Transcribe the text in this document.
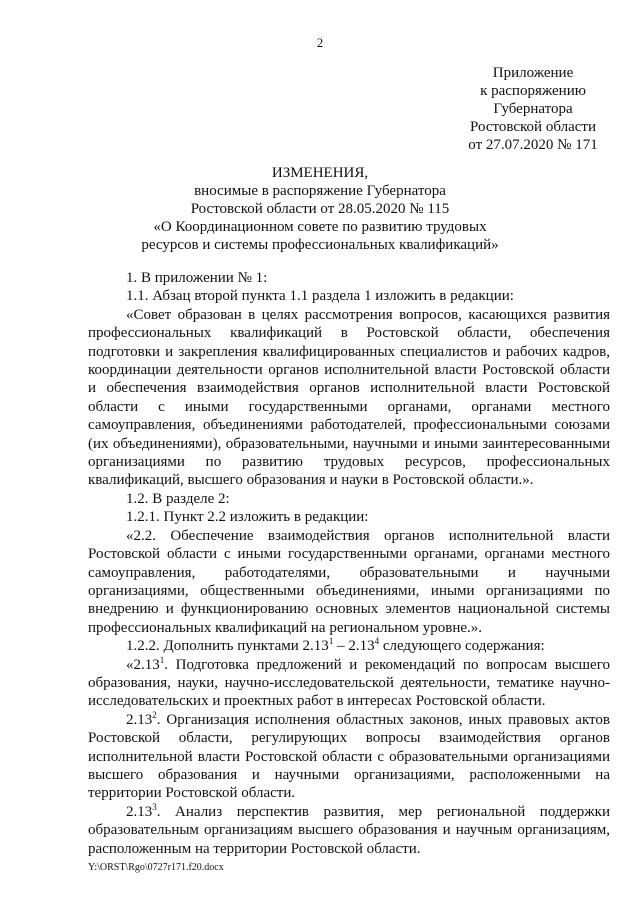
2
Приложение
к распоряжению
Губернатора
Ростовской области
от 27.07.2020 № 171
ИЗМЕНЕНИЯ,
вносимые в распоряжение Губернатора
Ростовской области от 28.05.2020 № 115
«О Координационном совете по развитию трудовых
ресурсов и системы профессиональных квалификаций»

1. В приложении № 1:

1.1. Абзац второй пункта 1.1 раздела 1 изложить в редакции:

«Совет образован в целях рассмотрения вопросов, касающихся развития профессиональных квалификаций в Ростовской области, обеспечения подготовки и закрепления квалифицированных специалистов и рабочих кадров, координации деятельности органов исполнительной власти Ростовской области и обеспечения взаимодействия органов исполнительной власти Ростовской области с иными государственными органами, органами местного самоуправления, объединениями работодателей, профессиональными союзами (их объединениями), образовательными, научными и иными заинтересованными организациями по развитию трудовых ресурсов, профессиональных квалификаций, высшего образования и науки в Ростовской области.».

1.2. В разделе 2:

1.2.1. Пункт 2.2 изложить в редакции:

«2.2. Обеспечение взаимодействия органов исполнительной власти Ростовской области с иными государственными органами, органами местного самоуправления, работодателями, образовательными и научными организациями, общественными объединениями, иными организациями по внедрению и функционированию основных элементов национальной системы профессиональных квалификаций на региональном уровне.».

1.2.2. Дополнить пунктами 2.13$^1$ – 2.13$^4$ следующего содержания:

«2.13$^1$. Подготовка предложений и рекомендаций по вопросам высшего образования, науки, научно-исследовательской деятельности, тематике научно-исследовательских и проектных работ в интересах Ростовской области.

2.13$^2$. Организация исполнения областных законов, иных правовых актов Ростовской области, регулирующих вопросы взаимодействия органов исполнительной власти Ростовской области с образовательными организациями высшего образования и научными организациями, расположенными на территории Ростовской области.

2.13$^3$. Анализ перспектив развития, мер региональной поддержки образовательным организациям высшего образования и научным организациям, расположенным на территории Ростовской области.

Y:\ORST\Rgo\0727r171.f20.docx
